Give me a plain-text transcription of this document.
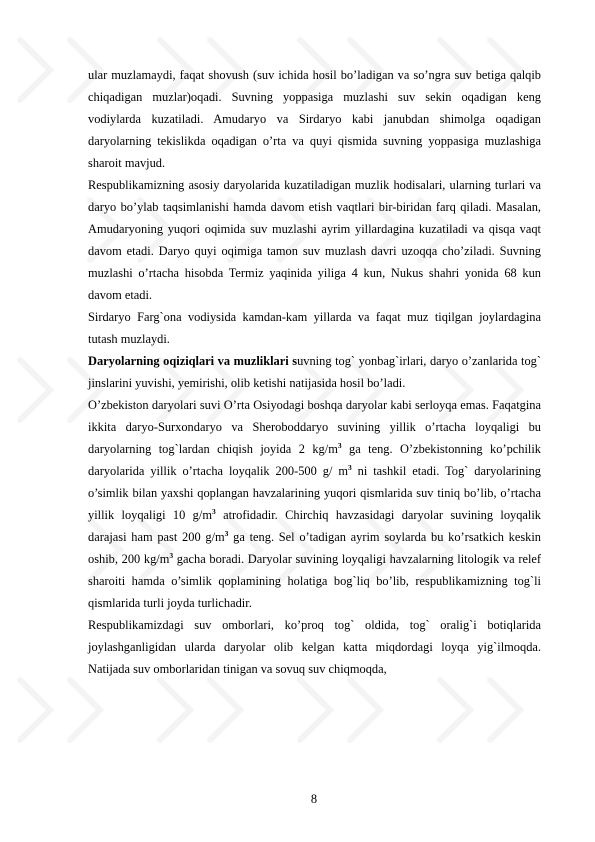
ular muzlamaydi, faqat shovush (suv ichida hosil bo’ladigan va so’ngra suv betiga qalqib chiqadigan muzlar)oqadi. Suvning yoppasiga muzlashi suv sekin oqadigan keng vodiylarda kuzatiladi. Amudaryo va Sirdaryo kabi janubdan shimolga oqadigan daryolarning tekislikda oqadigan o’rta va quyi qismida suvning yoppasiga muzlashiga sharoit mavjud.

Respublikamizning asosiy daryolarida kuzatiladigan muzlik hodisalari, ularning turlari va daryo bo’ylab taqsimlanishi hamda davom etish vaqtlari bir-biridan farq qiladi. Masalan, Amudaryoning yuqori oqimida suv muzlashi ayrim yillardagina kuzatiladi va qisqa vaqt davom etadi. Daryo quyi oqimiga tamon suv muzlash davri uzoqqa cho’ziladi. Suvning muzlashi o’rtacha hisobda Termiz yaqinida yiliga 4 kun, Nukus shahri yonida 68 kun davom etadi.

Sirdaryo Farg`ona vodiysida kamdan-kam yillarda va faqat muz tiqilgan joylardagina tutash muzlaydi.

Daryolarning oqiziqlari va muzliklari suvning tog` yonbag`irlari, daryo o’zanlarida tog` jinslarini yuvishi, yemirishi, olib ketishi natijasida hosil bo’ladi.

O’zbekiston daryolari suvi O’rta Osiyodagi boshqa daryolar kabi serloyqa emas. Faqatgina ikkita daryo-Surxondaryo va Sheroboddaryo suvining yillik o’rtacha loyqaligi bu daryolarning tog`lardan chiqish joyida 2 $kg/m^3$ ga teng. O’zbekistonning ko’pchilik daryolarida yillik o’rtacha loyqalik 200-500 g/ $m^3$ ni tashkil etadi. Tog` daryolarining o’simlik bilan yaxshi qoplangan havzalarining yuqori qismlarida suv tiniq bo’lib, o’rtacha yillik loyqaligi 10 $g/m^3$ atrofidadir. Chirchiq havzasidagi daryolar suvining loyqalik darajasi ham past 200 $g/m^3$ ga teng. Sel o’tadigan ayrim soylarda bu ko’rsatkich keskin oshib, 200 $kg/m^3$ gacha boradi. Daryolar suvining loyqaligi havzalarning litologik va relef sharoiti hamda o’simlik qoplamining holatiga bog`liq bo’lib, respublikamizning tog`li qismlarida turli joyda turlichadir.

Respublikamizdagi suv omborlari, ko’proq tog` oldida, tog` oralig`i botiqlarida joylashganligidan ularda daryolar olib kelgan katta miqdordagi loyqa yig`ilmoqda. Natijada suv omborlaridan tinigan va sovuq suv chiqmoqda,

8
